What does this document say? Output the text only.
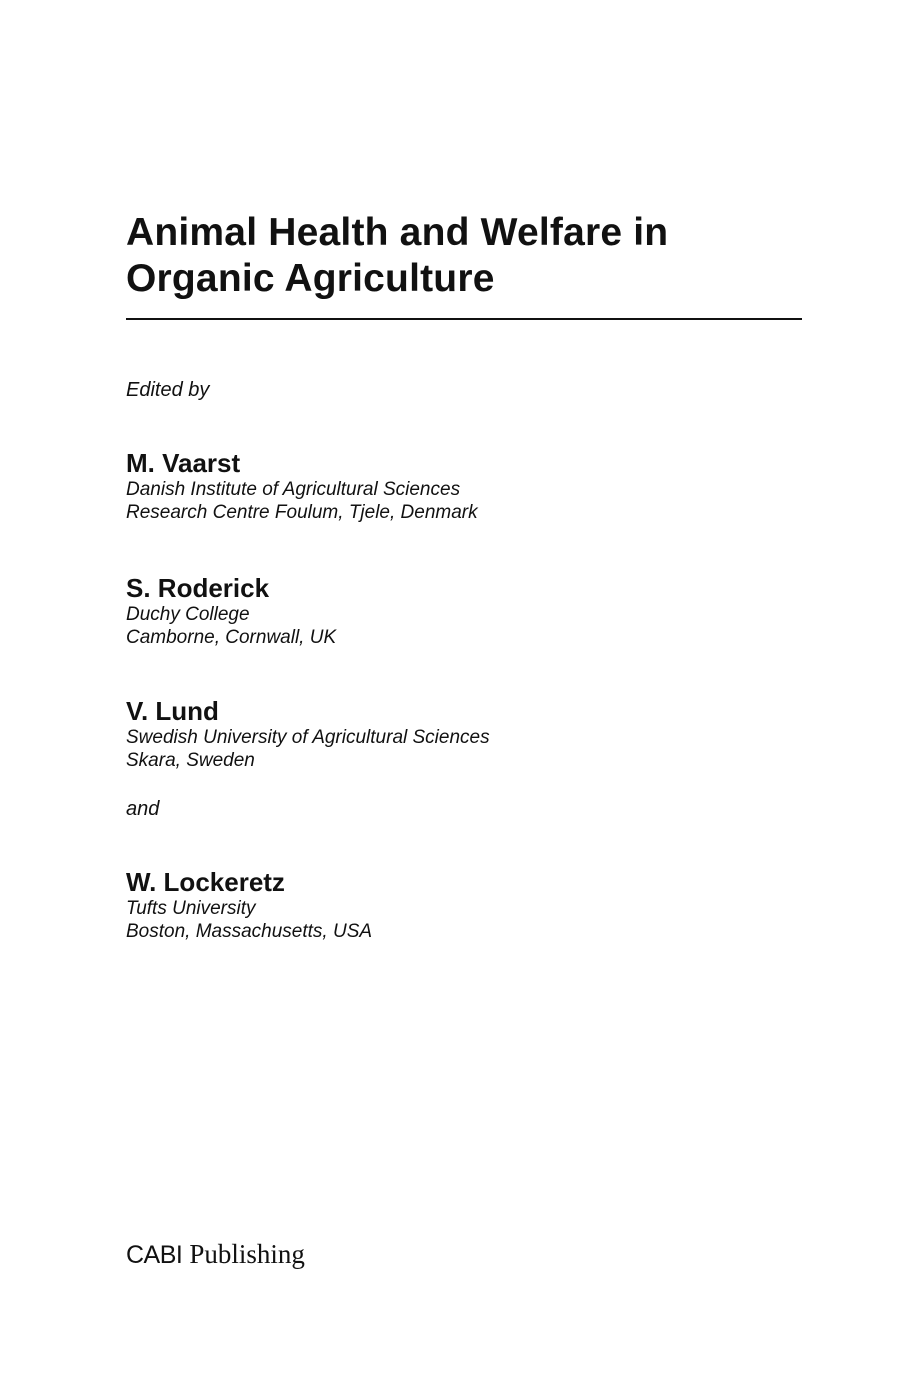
Animal Health and Welfare in
Organic Agriculture
Edited by
M. Vaarst
Danish Institute of Agricultural Sciences
Research Centre Foulum, Tjele, Denmark
S. Roderick
Duchy College
Camborne, Cornwall, UK
V. Lund
Swedish University of Agricultural Sciences
Skara, Sweden
and
W. Lockeretz
Tufts University
Boston, Massachusetts, USA
CABI Publishing
